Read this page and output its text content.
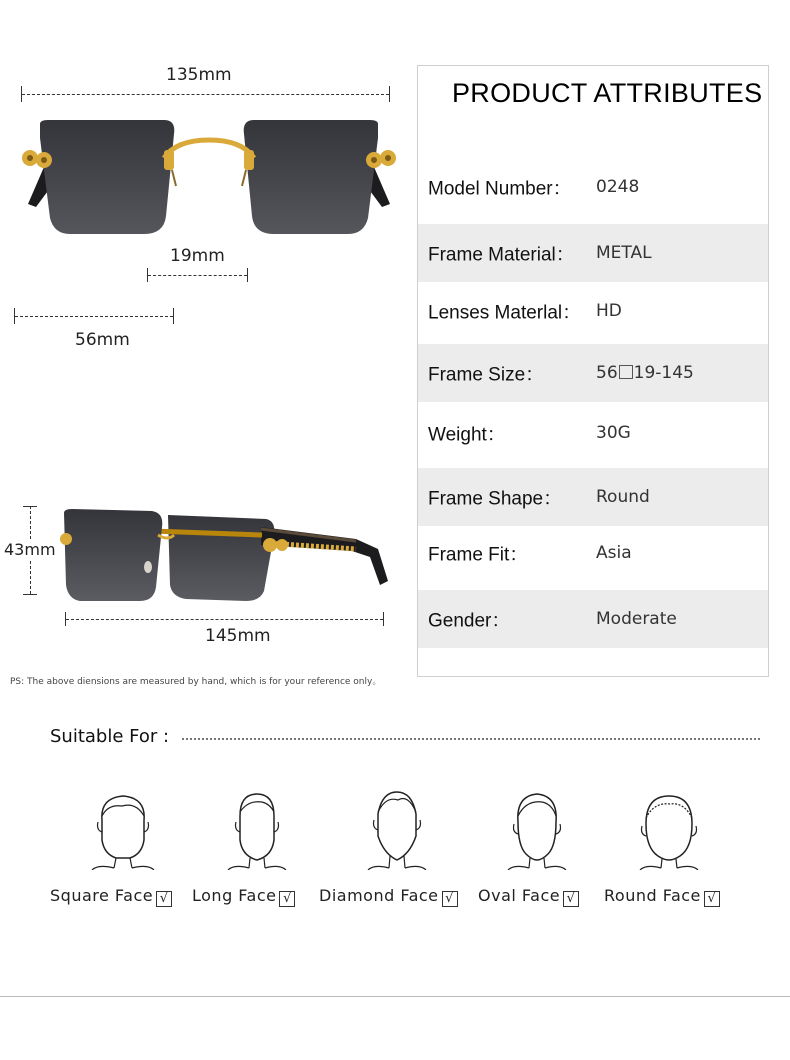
135mm
19mm
56mm
43mm
145mm
PS: The above diensions are measured by hand, which is for your reference only。
PRODUCT ATTRIBUTES
Model Number： 0248
Frame Material： METAL
Lenses Materlal： HD
Frame Size：	56 19-145
Weight：	30G
Frame Shape： Round
Frame Fit：	Asia
Gender：	Moderate
Suitable For :
Square Face √ Long Face √ Diamond Face √ Oval Face √ Round Face √
